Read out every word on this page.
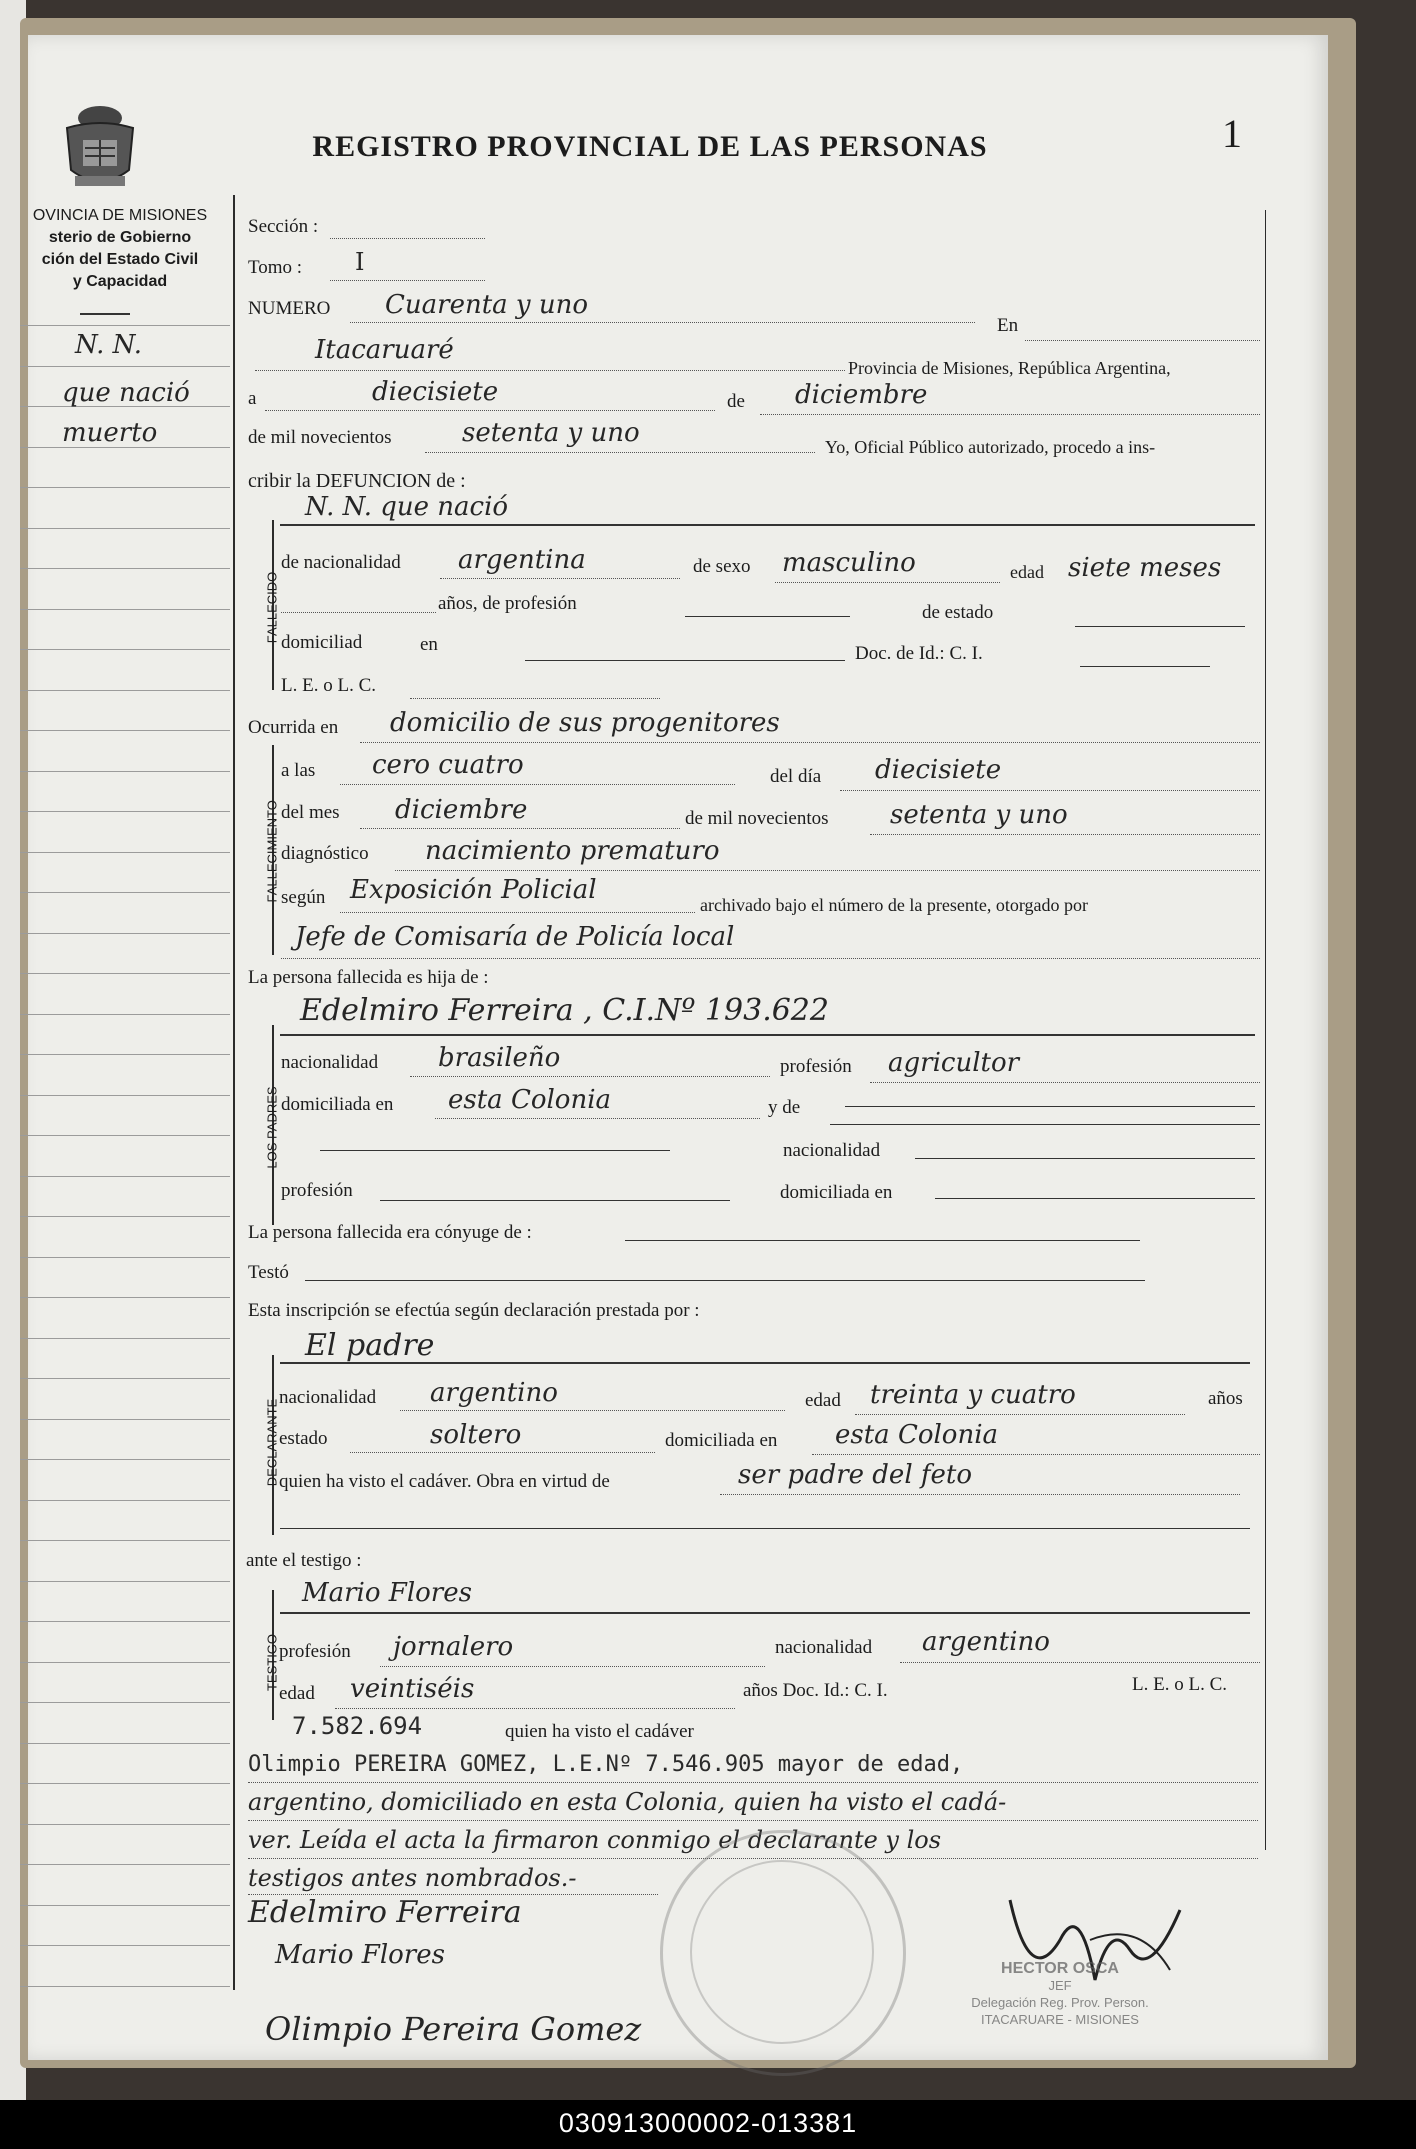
REGISTRO PROVINCIAL DE LAS PERSONAS	1
OVINCIA DE MISIONES
sterio de Gobierno
ción del Estado Civil
y Capacidad
N. N.
que nació
muerto
FALLECIDO
FALLECIMIENTO
LOS PADRES
DECLARANTE
TESTIGO
Sección :
Tomo : I
NUMERO Cuarenta y uno
En
Itacaruaré
Provincia de Misiones, República Argentina,
a	diecisiete	de diciembre
de mil novecientos	setenta y uno	Yo, Oficial Público autorizado, procedo a ins-
cribir la DEFUNCION de :
N. N. que nació
de nacionalidad argentina	de sexo masculino	edad siete meses
años, de profesión	de estado
domiciliad	en	Doc. de Id.: C. I.
L. E. o L. C.
Ocurrida en domicilio de sus progenitores
a las cero cuatro	del día diecisiete
del mes diciembre	de mil novecientos setenta y uno
diagnóstico nacimiento prematuro
según Exposición Policial	archivado bajo el número de la presente, otorgado por
Jefe de Comisaría de Policía local
La persona fallecida es hija de :
Edelmiro Ferreira , C.I.Nº 193.622
nacionalidad brasileño	profesión agricultor
domiciliada en esta Colonia	y de
nacionalidad
profesión	domiciliada en
La persona fallecida era cónyuge de :
Testó
Esta inscripción se efectúa según declaración prestada por :
El padre
nacionalidad argentino	edad treinta y cuatro	años
estado	soltero	domiciliada en esta Colonia
quien ha visto el cadáver. Obra en virtud de	ser padre del feto
ante el testigo :
Mario Flores
profesión jornalero	nacionalidad argentino
edad veintiséis	años Doc. Id.: C. I.	L. E. o L. C.
7.582.694	quien ha visto el cadáver
Olimpio PEREIRA GOMEZ, L.E.Nº 7.546.905 mayor de edad,
argentino, domiciliado en esta Colonia, quien ha visto el cadá-
ver. Leída el acta la firmaron conmigo el declarante y los
testigos antes nombrados.-
Edelmiro Ferreira
Mario Flores
Olimpio Pereira Gomez
HECTOR OSCA
JEF
Delegación Reg. Prov. Person.
ITACARUARE - MISIONES
030913000002-013381
